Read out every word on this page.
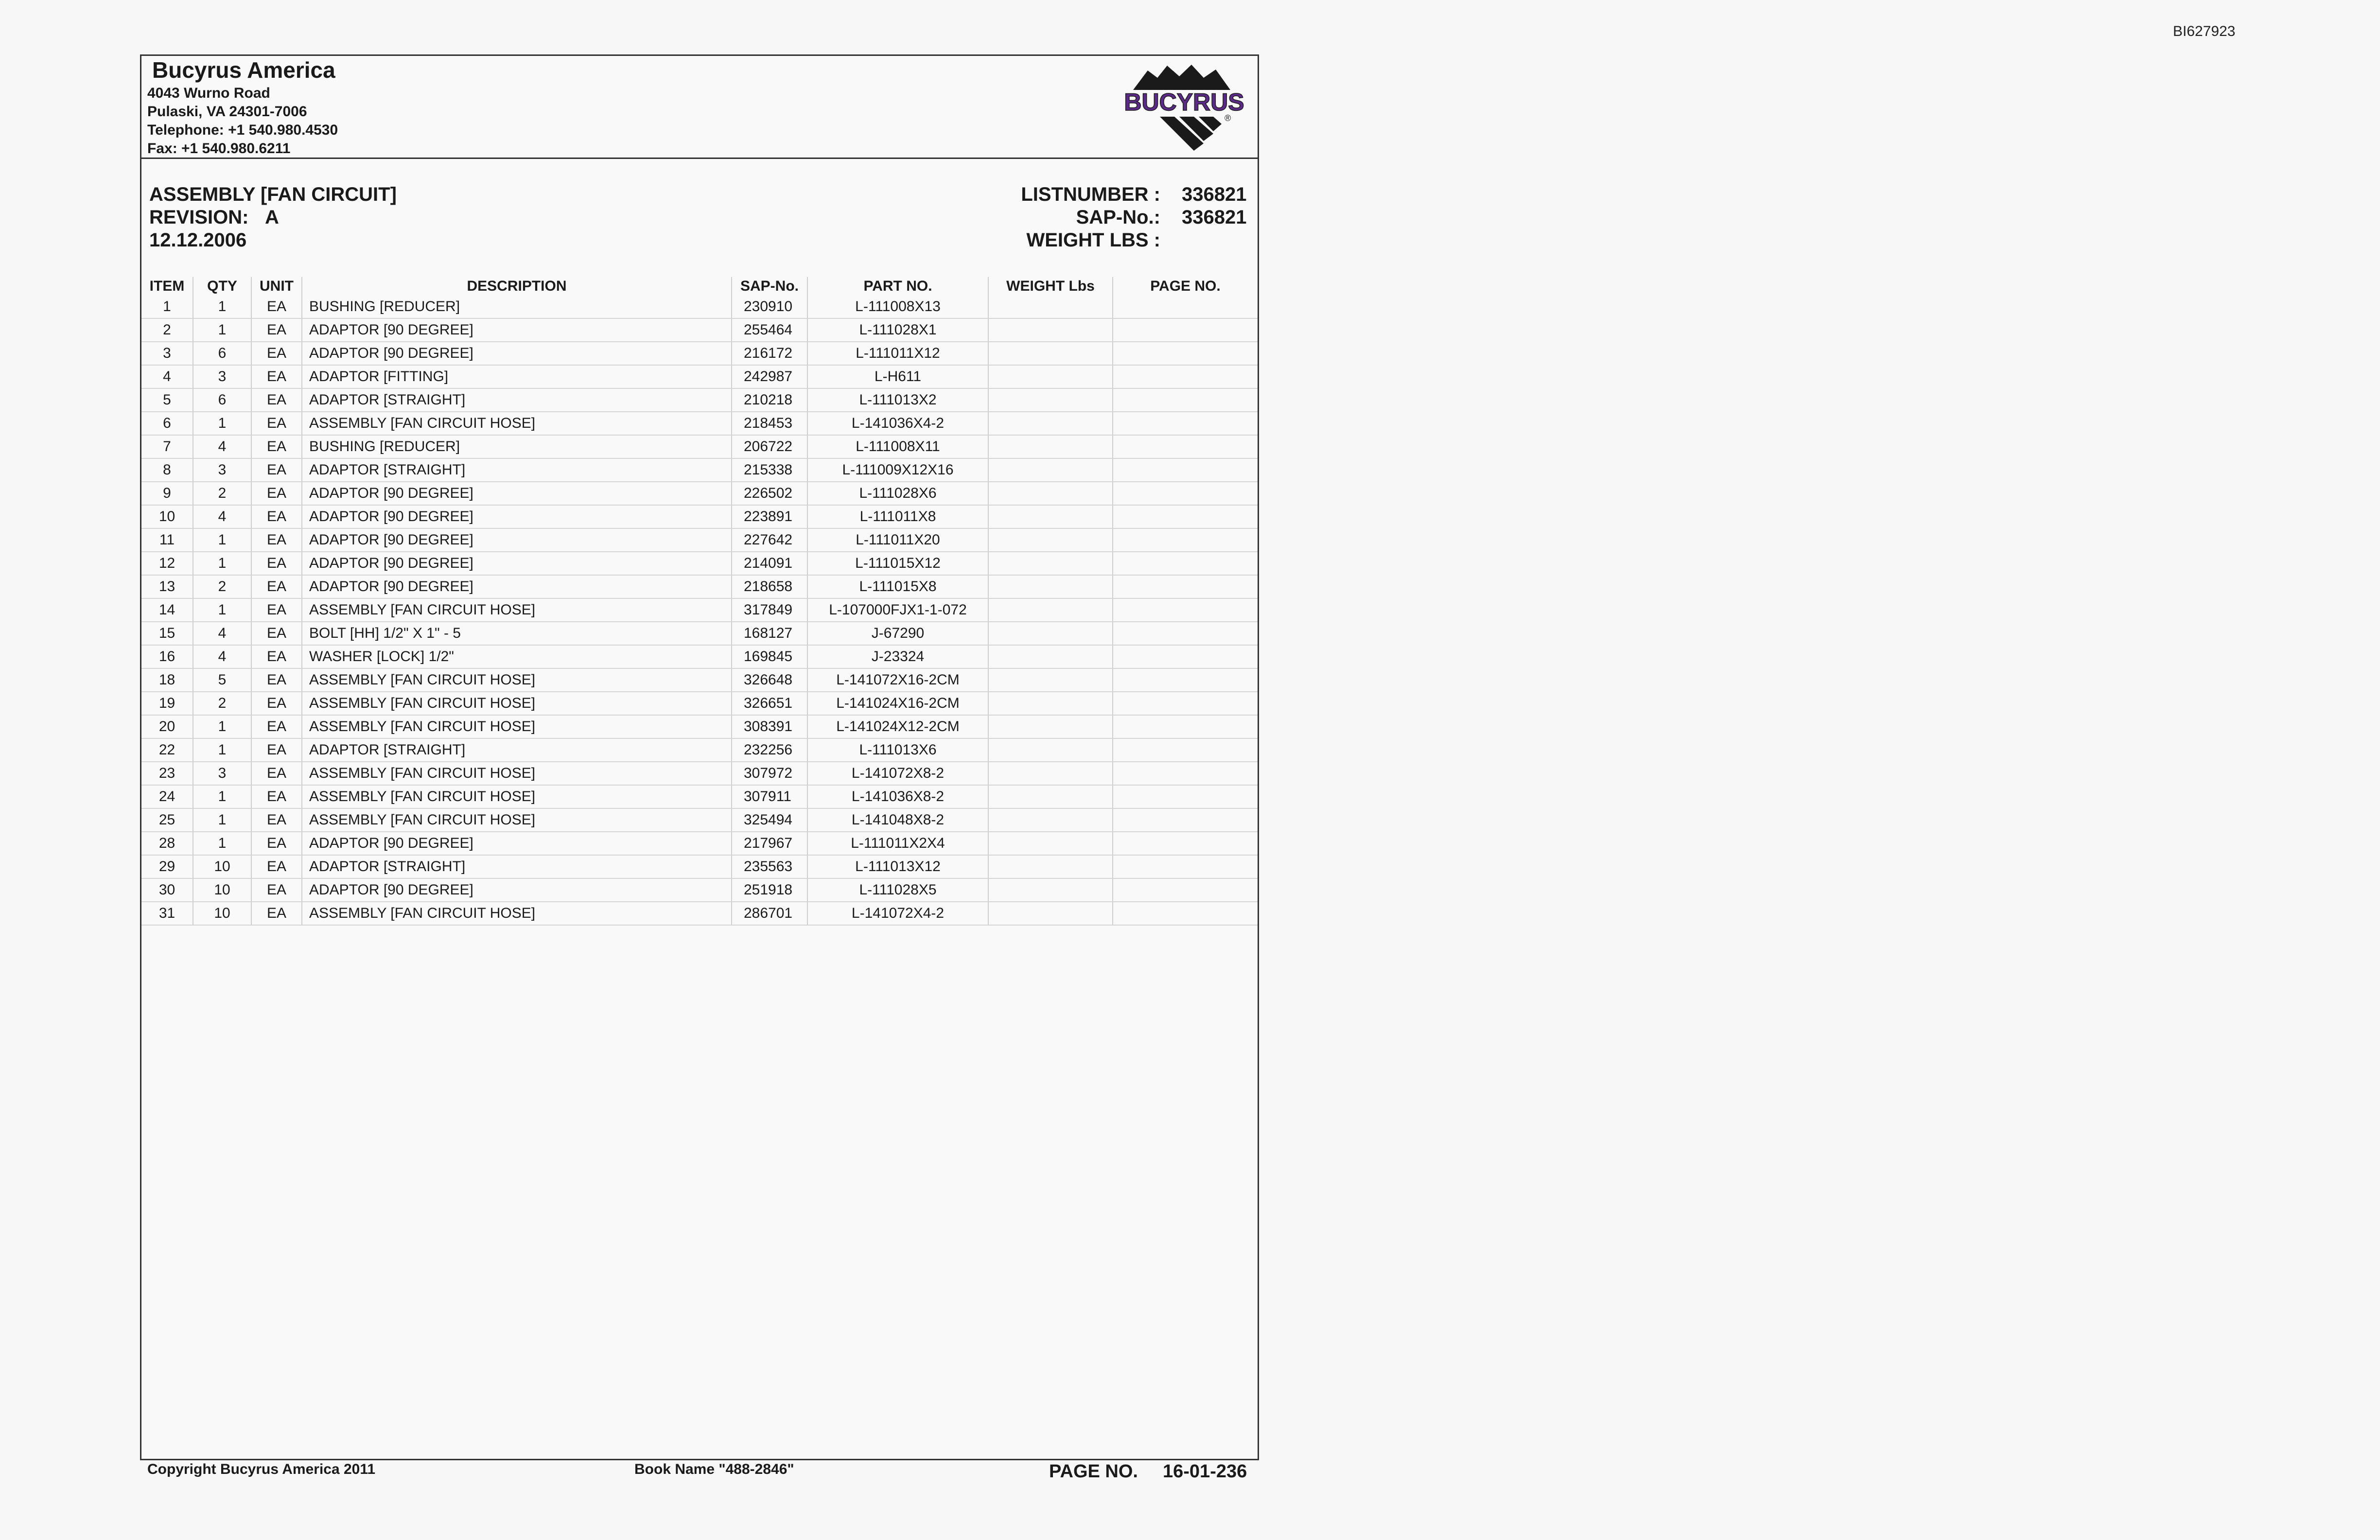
BI627923
Bucyrus America
4043 Wurno Road
Pulaski, VA 24301-7006
Telephone: +1 540.980.4530
Fax: +1 540.980.6211
BUCYRUS
®
ASSEMBLY [FAN CIRCUIT]
REVISION: A
12.12.2006
LISTNUMBER : 336821
SAP-No.: 336821
WEIGHT LBS :
ITEM	QTY	UNIT	DESCRIPTION	SAP-No.	PART NO.	WEIGHT Lbs	PAGE NO.
1	1	EA	BUSHING [REDUCER]	230910	L-111008X13		
2	1	EA	ADAPTOR [90 DEGREE]	255464	L-111028X1		
3	6	EA	ADAPTOR [90 DEGREE]	216172	L-111011X12		
4	3	EA	ADAPTOR [FITTING]	242987	L-H611		
5	6	EA	ADAPTOR [STRAIGHT]	210218	L-111013X2		
6	1	EA	ASSEMBLY [FAN CIRCUIT HOSE]	218453	L-141036X4-2		
7	4	EA	BUSHING [REDUCER]	206722	L-111008X11		
8	3	EA	ADAPTOR [STRAIGHT]	215338	L-111009X12X16		
9	2	EA	ADAPTOR [90 DEGREE]	226502	L-111028X6		
10	4	EA	ADAPTOR [90 DEGREE]	223891	L-111011X8		
11	1	EA	ADAPTOR [90 DEGREE]	227642	L-111011X20		
12	1	EA	ADAPTOR [90 DEGREE]	214091	L-111015X12		
13	2	EA	ADAPTOR [90 DEGREE]	218658	L-111015X8		
14	1	EA	ASSEMBLY [FAN CIRCUIT HOSE]	317849	L-107000FJX1-1-072		
15	4	EA	BOLT [HH] 1/2" X 1" - 5	168127	J-67290		
16	4	EA	WASHER [LOCK] 1/2"	169845	J-23324		
18	5	EA	ASSEMBLY [FAN CIRCUIT HOSE]	326648	L-141072X16-2CM		
19	2	EA	ASSEMBLY [FAN CIRCUIT HOSE]	326651	L-141024X16-2CM		
20	1	EA	ASSEMBLY [FAN CIRCUIT HOSE]	308391	L-141024X12-2CM		
22	1	EA	ADAPTOR [STRAIGHT]	232256	L-111013X6		
23	3	EA	ASSEMBLY [FAN CIRCUIT HOSE]	307972	L-141072X8-2		
24	1	EA	ASSEMBLY [FAN CIRCUIT HOSE]	307911	L-141036X8-2		
25	1	EA	ASSEMBLY [FAN CIRCUIT HOSE]	325494	L-141048X8-2		
28	1	EA	ADAPTOR [90 DEGREE]	217967	L-111011X2X4		
29	10	EA	ADAPTOR [STRAIGHT]	235563	L-111013X12		
30	10	EA	ADAPTOR [90 DEGREE]	251918	L-111028X5		
31	10	EA	ASSEMBLY [FAN CIRCUIT HOSE]	286701	L-141072X4-2		
Copyright Bucyrus America 2011	Book Name "488-2846"	PAGE NO. 16-01-236
